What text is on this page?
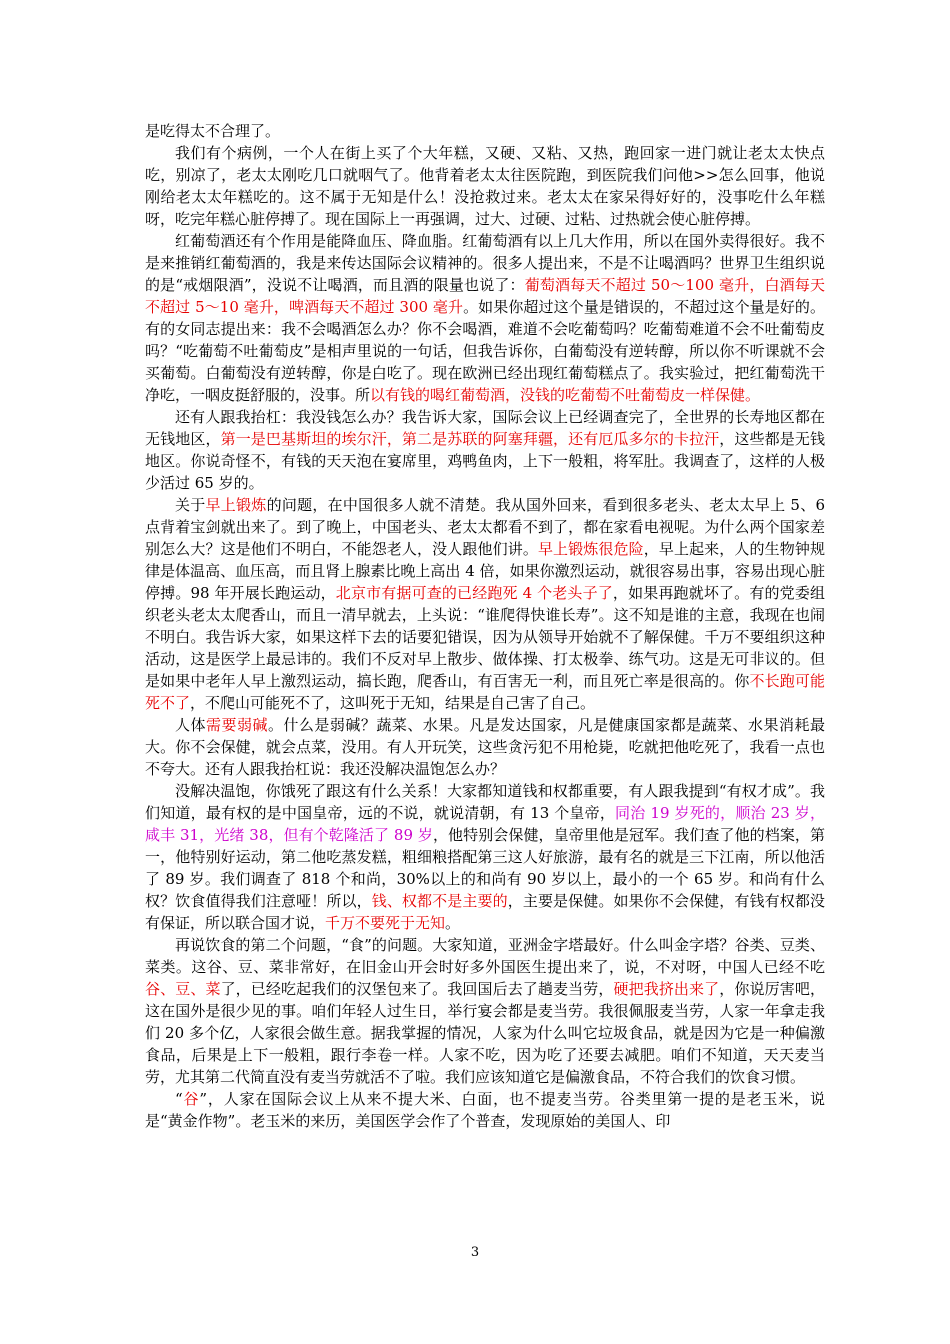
是吃得太不合理了。

我们有个病例，一个人在街上买了个大年糕，又硬、又粘、又热，跑回家一进门就让老太太快点吃，别凉了，老太太刚吃几口就咽气了。他背着老太太往医院跑，到医院我们问他>>怎么回事，他说刚给老太太年糕吃的。这不属于无知是什么！没抢救过来。老太太在家呆得好好的，没事吃什么年糕呀，吃完年糕心脏停搏了。现在国际上一再强调，过大、过硬、过粘、过热就会使心脏停搏。

红葡萄酒还有个作用是能降血压、降血脂。红葡萄酒有以上几大作用，所以在国外卖得很好。我不是来推销红葡萄酒的，我是来传达国际会议精神的。很多人提出来，不是不让喝酒吗？世界卫生组织说的是“戒烟限酒”，没说不让喝酒，而且酒的限量也说了：葡萄酒每天不超过 50～100 毫升，白酒每天不超过 5～10 毫升，啤酒每天不超过 300 毫升。如果你超过这个量是错误的，不超过这个量是好的。有的女同志提出来：我不会喝酒怎么办？你不会喝酒，难道不会吃葡萄吗？吃葡萄难道不会不吐葡萄皮吗？“吃葡萄不吐葡萄皮”是相声里说的一句话，但我告诉你，白葡萄没有逆转醇，所以你不听课就不会买葡萄。白葡萄没有逆转醇，你是白吃了。现在欧洲已经出现红葡萄糕点了。我实验过，把红葡萄洗干净吃，一咽皮挺舒服的，没事。所以有钱的喝红葡萄酒，没钱的吃葡萄不吐葡萄皮一样保健。

还有人跟我抬杠：我没钱怎么办？我告诉大家，国际会议上已经调查完了，全世界的长寿地区都在无钱地区，第一是巴基斯坦的埃尔汗，第二是苏联的阿塞拜疆，还有厄瓜多尔的卡拉汗，这些都是无钱地区。你说奇怪不，有钱的天天泡在宴席里，鸡鸭鱼肉，上下一般粗，将军肚。我调查了，这样的人极少活过 65 岁的。

关于早上锻炼的问题，在中国很多人就不清楚。我从国外回来，看到很多老头、老太太早上 5、6 点背着宝剑就出来了。到了晚上，中国老头、老太太都看不到了，都在家看电视呢。为什么两个国家差别怎么大？这是他们不明白，不能怨老人，没人跟他们讲。早上锻炼很危险，早上起来，人的生物钟规律是体温高、血压高，而且肾上腺素比晚上高出 4 倍，如果你激烈运动，就很容易出事，容易出现心脏停搏。98 年开展长跑运动，北京市有据可查的已经跑死 4 个老头子了，如果再跑就坏了。有的党委组织老头老太太爬香山，而且一清早就去，上头说：“谁爬得快谁长寿”。这不知是谁的主意，我现在也闹不明白。我告诉大家，如果这样下去的话要犯错误，因为从领导开始就不了解保健。千万不要组织这种活动，这是医学上最忌讳的。我们不反对早上散步、做体操、打太极拳、练气功。这是无可非议的。但是如果中老年人早上激烈运动，搞长跑，爬香山，有百害无一利，而且死亡率是很高的。你不长跑可能死不了，不爬山可能死不了，这叫死于无知，结果是自己害了自己。

人体需要弱碱。什么是弱碱？蔬菜、水果。凡是发达国家，凡是健康国家都是蔬菜、水果消耗最大。你不会保健，就会点菜，没用。有人开玩笑，这些贪污犯不用枪毙，吃就把他吃死了，我看一点也不夸大。还有人跟我抬杠说：我还没解决温饱怎么办？

没解决温饱，你饿死了跟这有什么关系！大家都知道钱和权都重要，有人跟我提到“有权才成”。我们知道，最有权的是中国皇帝，远的不说，就说清朝，有 13 个皇帝，同治 19 岁死的，顺治 23 岁，咸丰 31，光绪 38，但有个乾隆活了 89 岁，他特别会保健，皇帝里他是冠军。我们查了他的档案，第一，他特别好运动，第二他吃蒸发糕，粗细粮搭配第三这人好旅游，最有名的就是三下江南，所以他活了 89 岁。我们调查了 818 个和尚，30%以上的和尚有 90 岁以上，最小的一个 65 岁。和尚有什么权？饮食值得我们注意哑！所以，钱、权都不是主要的，主要是保健。如果你不会保健，有钱有权都没有保证，所以联合国才说，千万不要死于无知。

再说饮食的第二个问题，“食”的问题。大家知道，亚洲金字塔最好。什么叫金字塔？谷类、豆类、菜类。这谷、豆、菜非常好，在旧金山开会时好多外国医生提出来了，说，不对呀，中国人已经不吃谷、豆、菜了，已经吃起我们的汉堡包来了。我回国后去了趟麦当劳，硬把我挤出来了，你说厉害吧，这在国外是很少见的事。咱们年轻人过生日，举行宴会都是麦当劳。我很佩服麦当劳，人家一年拿走我们 20 多个亿，人家很会做生意。据我掌握的情况，人家为什么叫它垃圾食品，就是因为它是一种偏激食品，后果是上下一般粗，跟行李卷一样。人家不吃，因为吃了还要去减肥。咱们不知道，天天麦当劳，尤其第二代简直没有麦当劳就活不了啦。我们应该知道它是偏激食品，不符合我们的饮食习惯。

“谷”，人家在国际会议上从来不提大米、白面，也不提麦当劳。谷类里第一提的是老玉米，说是“黄金作物”。老玉米的来历，美国医学会作了个普查，发现原始的美国人、印

3
